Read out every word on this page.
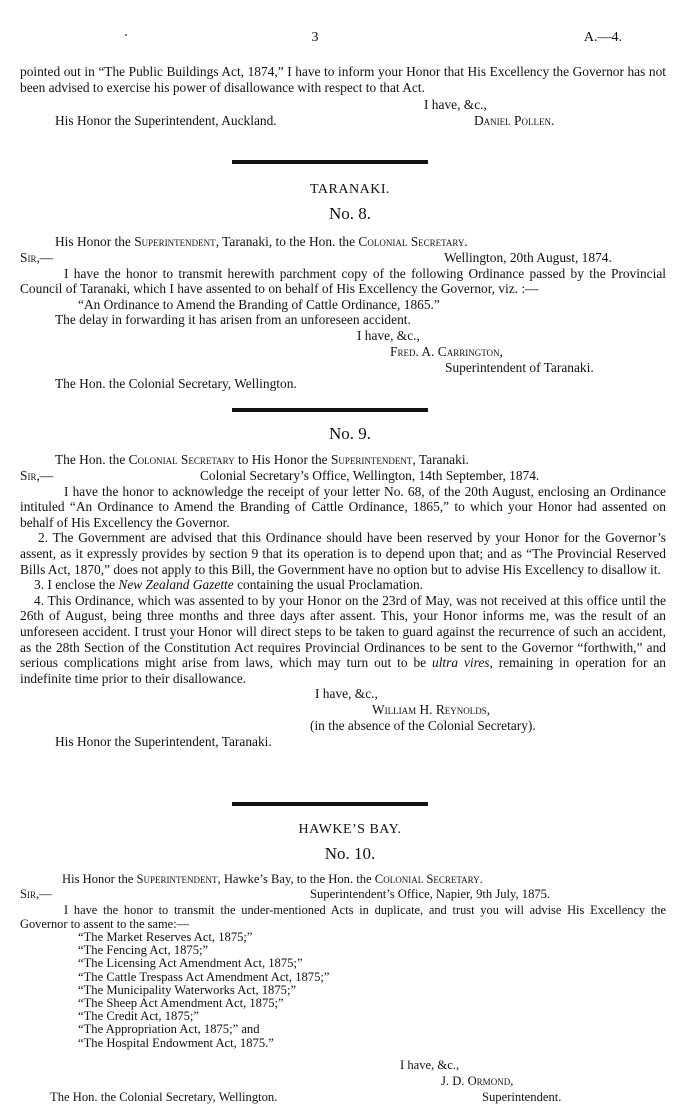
3	A.—4.

pointed out in “The Public Buildings Act, 1874,” I have to inform your Honor that His Excellency the Governor has not been advised to exercise his power of disallowance with respect to that Act.

I have, &c.,
His Honor the Superintendent, Auckland.	Daniel Pollen.
TARANAKI.
No. 8.

His Honor the Superintendent, Taranaki, to the Hon. the Colonial Secretary.

Sir,—	Wellington, 20th August, 1874.

I have the honor to transmit herewith parchment copy of the following Ordinance passed by the Provincial Council of Taranaki, which I have assented to on behalf of His Excellency the Governor, viz. :—

“An Ordinance to Amend the Branding of Cattle Ordinance, 1865.”

The delay in forwarding it has arisen from an unforeseen accident.

I have, &c.,
Fred. A. Carrington,
Superintendent of Taranaki.

The Hon. the Colonial Secretary, Wellington.

No. 9.

The Hon. the Colonial Secretary to His Honor the Superintendent, Taranaki.

Sir,—	Colonial Secretary’s Office, Wellington, 14th September, 1874.

I have the honor to acknowledge the receipt of your letter No. 68, of the 20th August, enclosing an Ordinance intituled “An Ordinance to Amend the Branding of Cattle Ordinance, 1865,” to which your Honor had assented on behalf of His Excellency the Governor.

2. The Government are advised that this Ordinance should have been reserved by your Honor for the Governor’s assent, as it expressly provides by section 9 that its operation is to depend upon that; and as “The Provincial Reserved Bills Act, 1870,” does not apply to this Bill, the Government have no option but to advise His Excellency to disallow it.

3. I enclose the New Zealand Gazette containing the usual Proclamation.

4. This Ordinance, which was assented to by your Honor on the 23rd of May, was not received at this office until the 26th of August, being three months and three days after assent. This, your Honor informs me, was the result of an unforeseen accident. I trust your Honor will direct steps to be taken to guard against the recurrence of such an accident, as the 28th Section of the Constitution Act requires Provincial Ordinances to be sent to the Governor “forthwith,” and serious complications might arise from laws, which may turn out to be ultra vires, remaining in operation for an indefinite time prior to their disallowance.

I have, &c.,
William H. Reynolds,
(in the absence of the Colonial Secretary).

His Honor the Superintendent, Taranaki.

HAWKE’S BAY.
No. 10.

His Honor the Superintendent, Hawke’s Bay, to the Hon. the Colonial Secretary.

Sir,—	Superintendent’s Office, Napier, 9th July, 1875.

I have the honor to transmit the under-mentioned Acts in duplicate, and trust you will advise His Excellency the Governor to assent to the same:—

“The Market Reserves Act, 1875;”
“The Fencing Act, 1875;”
“The Licensing Act Amendment Act, 1875;”
“The Cattle Trespass Act Amendment Act, 1875;”
“The Municipality Waterworks Act, 1875;”
“The Sheep Act Amendment Act, 1875;”
“The Credit Act, 1875;”
“The Appropriation Act, 1875;” and
“The Hospital Endowment Act, 1875.”
I have, &c.,
J. D. Ormond,
The Hon. the Colonial Secretary, Wellington.	Superintendent.
